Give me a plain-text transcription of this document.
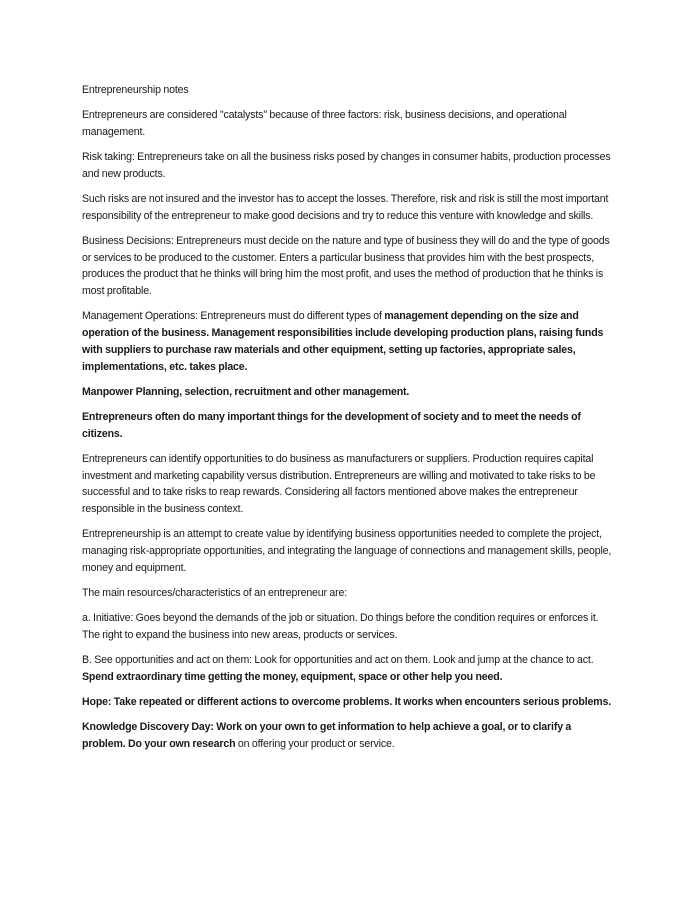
Entrepreneurship notes

Entrepreneurs are considered "catalysts" because of three factors: risk, business decisions, and operational management.

Risk taking: Entrepreneurs take on all the business risks posed by changes in consumer habits, production processes and new products.

Such risks are not insured and the investor has to accept the losses. Therefore, risk and risk is still the most important responsibility of the entrepreneur to make good decisions and try to reduce this venture with knowledge and skills.

Business Decisions: Entrepreneurs must decide on the nature and type of business they will do and the type of goods or services to be produced to the customer. Enters a particular business that provides him with the best prospects, produces the product that he thinks will bring him the most profit, and uses the method of production that he thinks is most profitable.

Management Operations: Entrepreneurs must do different types of management depending on the size and operation of the business. Management responsibilities include developing production plans, raising funds with suppliers to purchase raw materials and other equipment, setting up factories, appropriate sales, implementations, etc. takes place.

Manpower Planning, selection, recruitment and other management.

Entrepreneurs often do many important things for the development of society and to meet the needs of citizens.

Entrepreneurs can identify opportunities to do business as manufacturers or suppliers. Production requires capital investment and marketing capability versus distribution. Entrepreneurs are willing and motivated to take risks to be successful and to take risks to reap rewards. Considering all factors mentioned above makes the entrepreneur responsible in the business context.

Entrepreneurship is an attempt to create value by identifying business opportunities needed to complete the project, managing risk-appropriate opportunities, and integrating the language of connections and management skills, people, money and equipment.

The main resources/characteristics of an entrepreneur are:

a. Initiative: Goes beyond the demands of the job or situation. Do things before the condition requires or enforces it. The right to expand the business into new areas, products or services.

B. See opportunities and act on them: Look for opportunities and act on them. Look and jump at the chance to act. Spend extraordinary time getting the money, equipment, space or other help you need.

Hope: Take repeated or different actions to overcome problems. It works when encounters serious problems.

Knowledge Discovery Day: Work on your own to get information to help achieve a goal, or to clarify a problem. Do your own research on offering your product or service.
